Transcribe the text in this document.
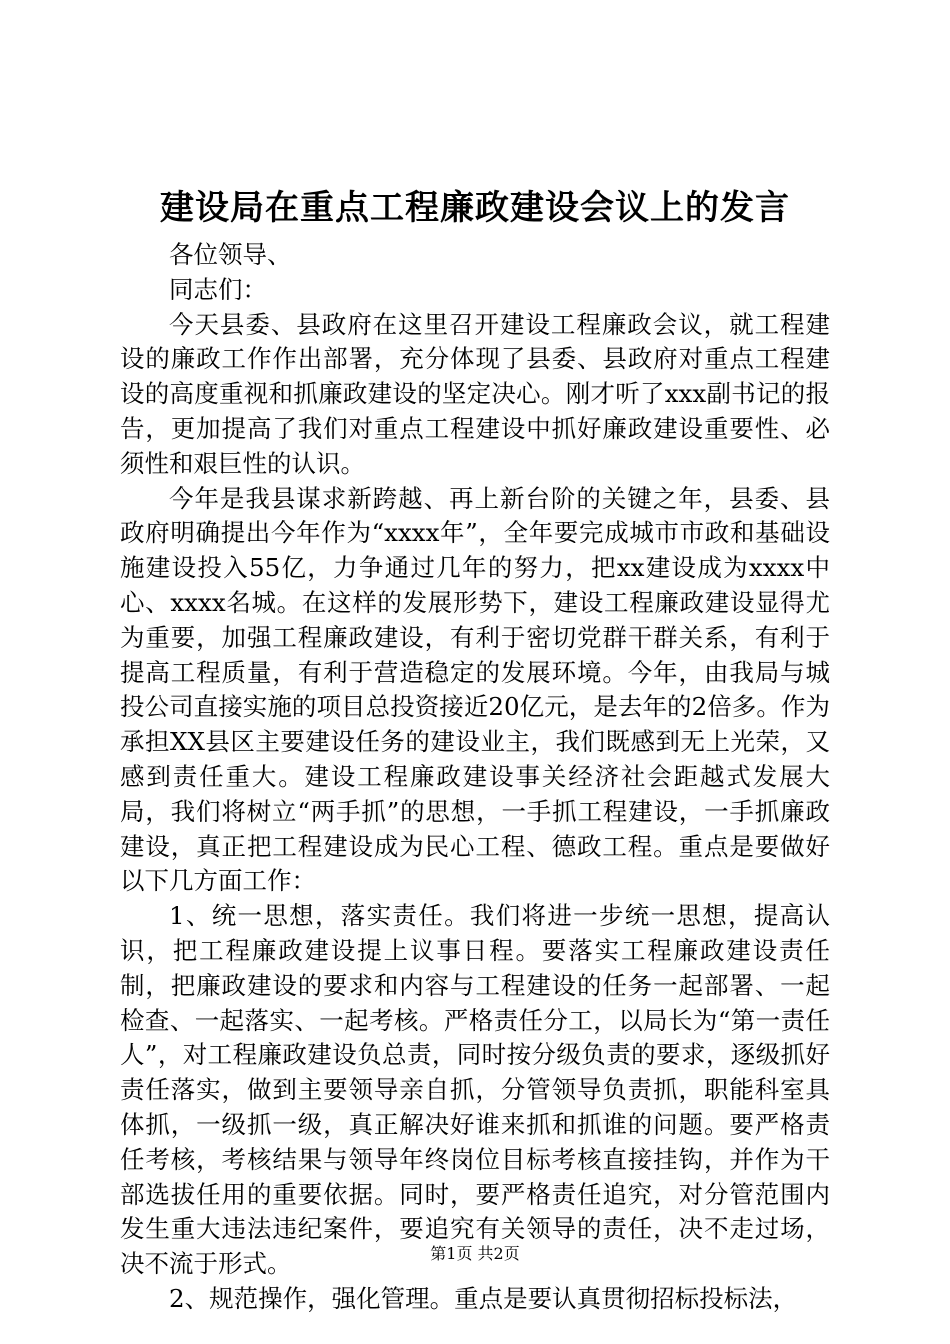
建设局在重点工程廉政建设会议上的发言

各位领导、

同志们：

今天县委、县政府在这里召开建设工程廉政会议，就工程建设的廉政工作作出部署，充分体现了县委、县政府对重点工程建设的高度重视和抓廉政建设的坚定决心。刚才听了xxx副书记的报告，更加提高了我们对重点工程建设中抓好廉政建设重要性、必须性和艰巨性的认识。

今年是我县谋求新跨越、再上新台阶的关键之年，县委、县政府明确提出今年作为“xxxx年”，全年要完成城市市政和基础设施建设投入55亿，力争通过几年的努力，把xx建设成为xxxx中心、xxxx名城。在这样的发展形势下，建设工程廉政建设显得尤为重要，加强工程廉政建设，有利于密切党群干群关系，有利于提高工程质量，有利于营造稳定的发展环境。今年，由我局与城投公司直接实施的项目总投资接近20亿元，是去年的2倍多。作为承担XX县区主要建设任务的建设业主，我们既感到无上光荣，又感到责任重大。建设工程廉政建设事关经济社会距越式发展大局，我们将树立“两手抓”的思想，一手抓工程建设，一手抓廉政建设，真正把工程建设成为民心工程、德政工程。重点是要做好以下几方面工作：

1、统一思想，落实责任。我们将进一步统一思想，提高认识，把工程廉政建设提上议事日程。要落实工程廉政建设责任制，把廉政建设的要求和内容与工程建设的任务一起部署、一起检查、一起落实、一起考核。严格责任分工，以局长为“第一责任人”，对工程廉政建设负总责，同时按分级负责的要求，逐级抓好责任落实，做到主要领导亲自抓，分管领导负责抓，职能科室具体抓，一级抓一级，真正解决好谁来抓和抓谁的问题。要严格责任考核，考核结果与领导年终岗位目标考核直接挂钩，并作为干部选拔任用的重要依据。同时，要严格责任追究，对分管范围内发生重大违法违纪案件，要追究有关领导的责任，决不走过场，决不流于形式。

2、规范操作，强化管理。重点是要认真贯彻招标投标法，

第1页 共2页
